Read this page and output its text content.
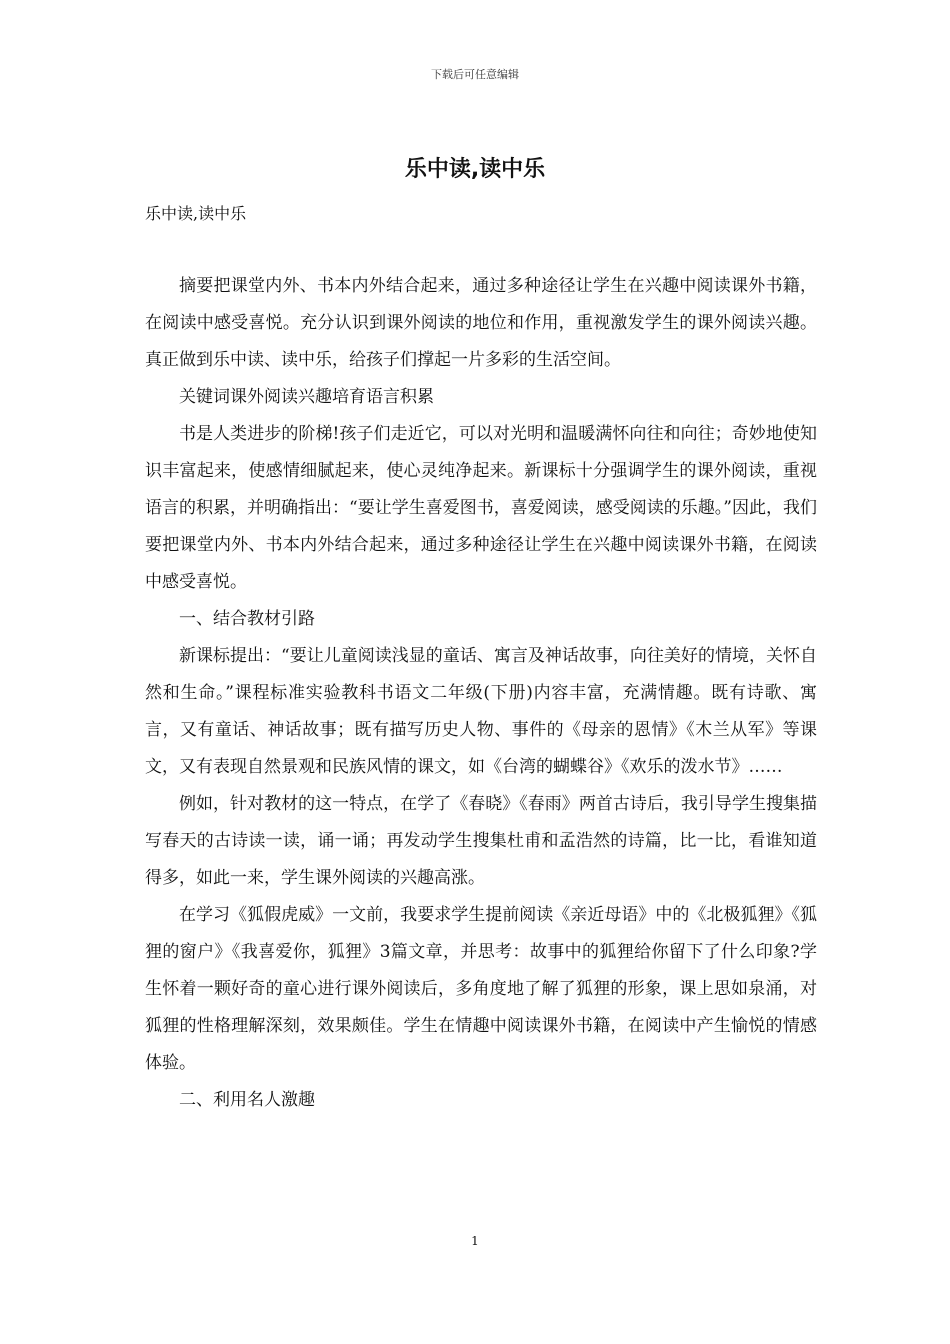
下载后可任意编辑
乐中读,读中乐
乐中读,读中乐

摘要把课堂内外、书本内外结合起来，通过多种途径让学生在兴趣中阅读课外书籍，在阅读中感受喜悦。充分认识到课外阅读的地位和作用，重视激发学生的课外阅读兴趣。真正做到乐中读、读中乐，给孩子们撑起一片多彩的生活空间。

关键词课外阅读兴趣培育语言积累

书是人类进步的阶梯!孩子们走近它，可以对光明和温暖满怀向往和向往；奇妙地使知识丰富起来，使感情细腻起来，使心灵纯净起来。新课标十分强调学生的课外阅读，重视语言的积累，并明确指出：“要让学生喜爱图书，喜爱阅读，感受阅读的乐趣。”因此，我们要把课堂内外、书本内外结合起来，通过多种途径让学生在兴趣中阅读课外书籍，在阅读中感受喜悦。

一、结合教材引路

新课标提出：“要让儿童阅读浅显的童话、寓言及神话故事，向往美好的情境，关怀自然和生命。”课程标准实验教科书语文二年级(下册)内容丰富，充满情趣。既有诗歌、寓言，又有童话、神话故事；既有描写历史人物、事件的《母亲的恩情》《木兰从军》等课文，又有表现自然景观和民族风情的课文，如《台湾的蝴蝶谷》《欢乐的泼水节》……

例如，针对教材的这一特点，在学了《春晓》《春雨》两首古诗后，我引导学生搜集描写春天的古诗读一读，诵一诵；再发动学生搜集杜甫和孟浩然的诗篇，比一比，看谁知道得多，如此一来，学生课外阅读的兴趣高涨。

在学习《狐假虎威》一文前，我要求学生提前阅读《亲近母语》中的《北极狐狸》《狐狸的窗户》《我喜爱你，狐狸》3篇文章，并思考：故事中的狐狸给你留下了什么印象?学生怀着一颗好奇的童心进行课外阅读后，多角度地了解了狐狸的形象，课上思如泉涌，对狐狸的性格理解深刻，效果颇佳。学生在情趣中阅读课外书籍，在阅读中产生愉悦的情感体验。

二、利用名人激趣

1
